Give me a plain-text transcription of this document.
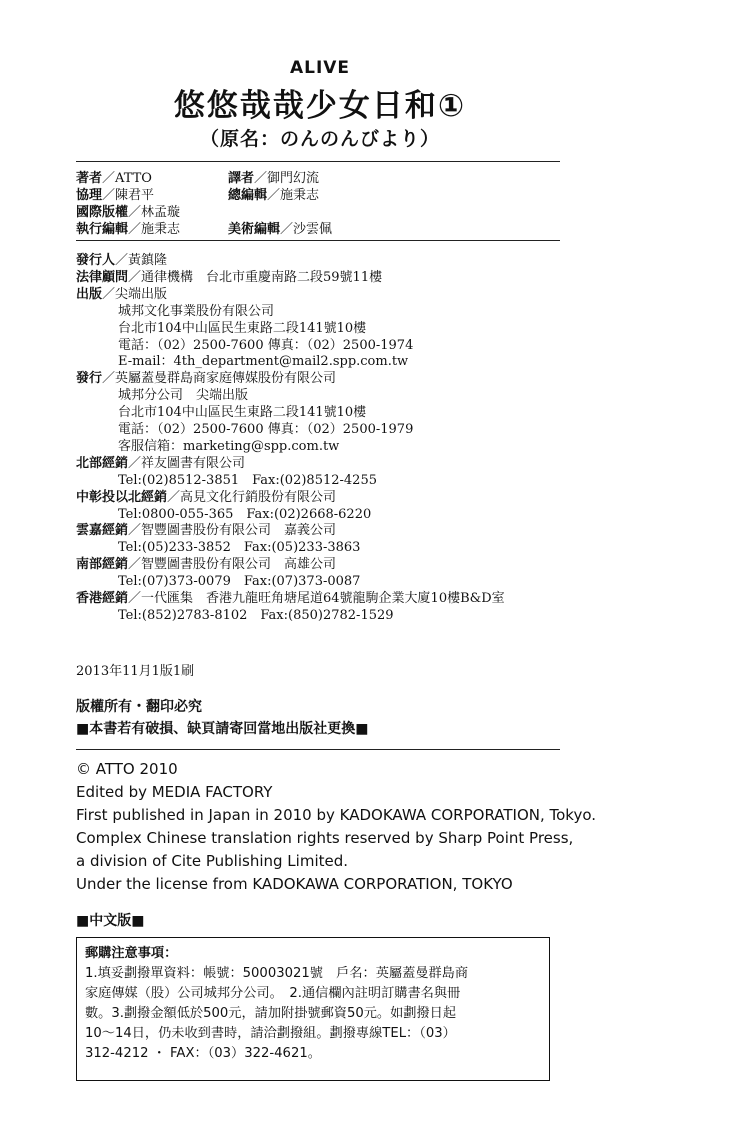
ALIVE
悠悠哉哉少女日和①
（原名：のんのんびより）
著者／ATTO	譯者／御門幻流
協理／陳君平	總編輯／施秉志
國際版權／林孟璇
執行編輯／施秉志	美術編輯／沙雲佩
發行人／黃鎮隆
法律顧問／通律機構　台北市重慶南路二段59號11樓
出版／尖端出版
城邦文化事業股份有限公司
台北市104中山區民生東路二段141號10樓
電話：（02）2500-7600 傳真：（02）2500-1974
E-mail：4th_department@mail2.spp.com.tw
發行／英屬蓋曼群島商家庭傳媒股份有限公司
城邦分公司　尖端出版
台北市104中山區民生東路二段141號10樓
電話：（02）2500-7600 傳真：（02）2500-1979
客服信箱：marketing@spp.com.tw
北部經銷／祥友圖書有限公司
Tel:(02)8512-3851　Fax:(02)8512-4255
中彰投以北經銷／高見文化行銷股份有限公司
Tel:0800-055-365　Fax:(02)2668-6220
雲嘉經銷／智豐圖書股份有限公司　嘉義公司
Tel:(05)233-3852　Fax:(05)233-3863
南部經銷／智豐圖書股份有限公司　高雄公司
Tel:(07)373-0079　Fax:(07)373-0087
香港經銷／一代匯集　香港九龍旺角塘尾道64號龍駒企業大廈10樓B&D室
Tel:(852)2783-8102　Fax:(850)2782-1529
2013年11月1版1刷
版權所有・翻印必究
■本書若有破損、缺頁請寄回當地出版社更換■
© ATTO 2010
Edited by MEDIA FACTORY
First published in Japan in 2010 by KADOKAWA CORPORATION, Tokyo.
Complex Chinese translation rights reserved by Sharp Point Press,
a division of Cite Publishing Limited.
Under the license from KADOKAWA CORPORATION, TOKYO
■中文版■
郵購注意事項：
1.填妥劃撥單資料：帳號：50003021號　戶名：英屬蓋曼群島商
家庭傳媒（股）公司城邦分公司。　2.通信欄內註明訂購書名與冊
數。3.劃撥金額低於500元，請加附掛號郵資50元。如劃撥日起
10～14日，仍未收到書時，請洽劃撥組。劃撥專線TEL：（03）
312-4212 ・ FAX：（03）322-4621。
